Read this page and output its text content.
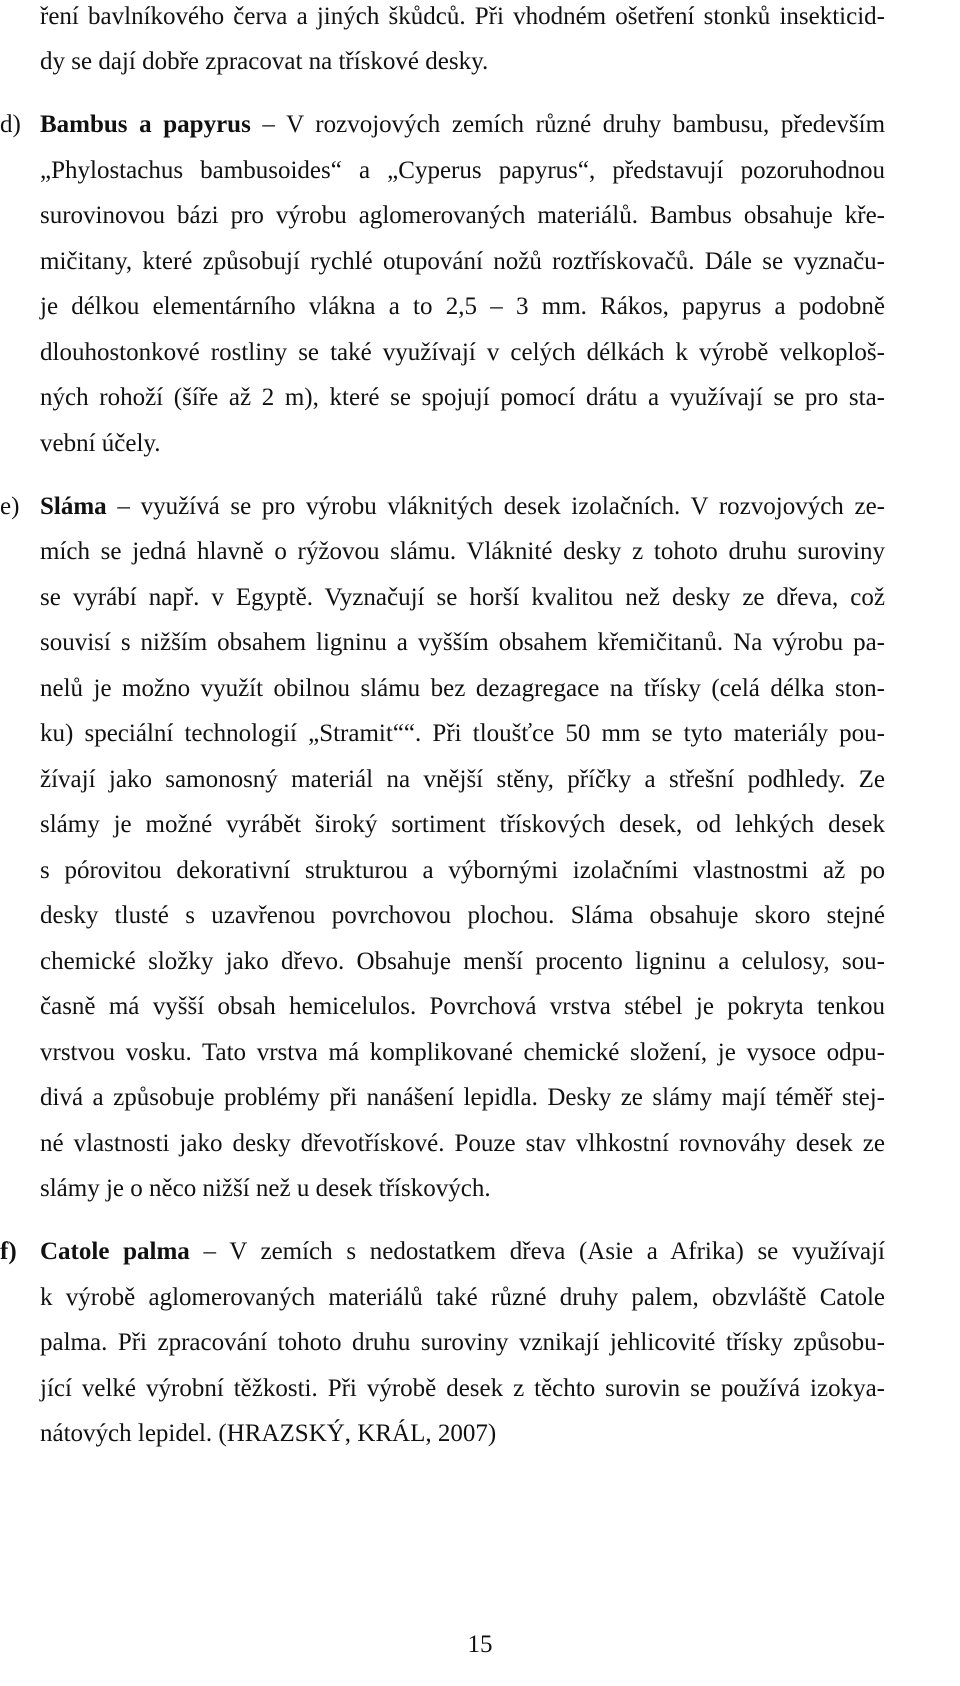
ření bavlníkového červa a jiných škůdců. Při vhodném ošetření stonků insekticid-
dy se dají dobře zpracovat na třískové desky.
d) Bambus a papyrus – V rozvojových zemích různé druhy bambusu, především
„Phylostachus bambusoides“ a „Cyperus papyrus“, představují pozoruhodnou
surovinovou bázi pro výrobu aglomerovaných materiálů. Bambus obsahuje kře-
mičitany, které způsobují rychlé otupování nožů roztřískovačů. Dále se vyznaču-
je délkou elementárního vlákna a to 2,5 – 3 mm. Rákos, papyrus a podobně
dlouhostonkové rostliny se také využívají v celých délkách k výrobě velkoploš-
ných rohoží (šíře až 2 m), které se spojují pomocí drátu a využívají se pro sta-
vební účely.
e) Sláma – využívá se pro výrobu vláknitých desek izolačních. V rozvojových ze-
mích se jedná hlavně o rýžovou slámu. Vláknité desky z tohoto druhu suroviny
se vyrábí např. v Egyptě. Vyznačují se horší kvalitou než desky ze dřeva, což
souvisí s nižším obsahem ligninu a vyšším obsahem křemičitanů. Na výrobu pa-
nelů je možno využít obilnou slámu bez dezagregace na třísky (celá délka ston-
ku) speciální technologií „Stramit““. Při tloušťce 50 mm se tyto materiály pou-
žívají jako samonosný materiál na vnější stěny, příčky a střešní podhledy. Ze
slámy je možné vyrábět široký sortiment třískových desek, od lehkých desek
s pórovitou dekorativní strukturou a výbornými izolačními vlastnostmi až po
desky tlusté s uzavřenou povrchovou plochou. Sláma obsahuje skoro stejné
chemické složky jako dřevo. Obsahuje menší procento ligninu a celulosy, sou-
časně má vyšší obsah hemicelulos. Povrchová vrstva stébel je pokryta tenkou
vrstvou vosku. Tato vrstva má komplikované chemické složení, je vysoce odpu-
divá a způsobuje problémy při nanášení lepidla. Desky ze slámy mají téměř stej-
né vlastnosti jako desky dřevotřískové. Pouze stav vlhkostní rovnováhy desek ze
slámy je o něco nižší než u desek třískových.
f) Catole palma – V zemích s nedostatkem dřeva (Asie a Afrika) se využívají
k výrobě aglomerovaných materiálů také různé druhy palem, obzvláště Catole
palma. Při zpracování tohoto druhu suroviny vznikají jehlicovité třísky způsobu-
jící velké výrobní těžkosti. Při výrobě desek z těchto surovin se používá izokya-
nátových lepidel. (HRAZSKÝ, KRÁL, 2007)
15
